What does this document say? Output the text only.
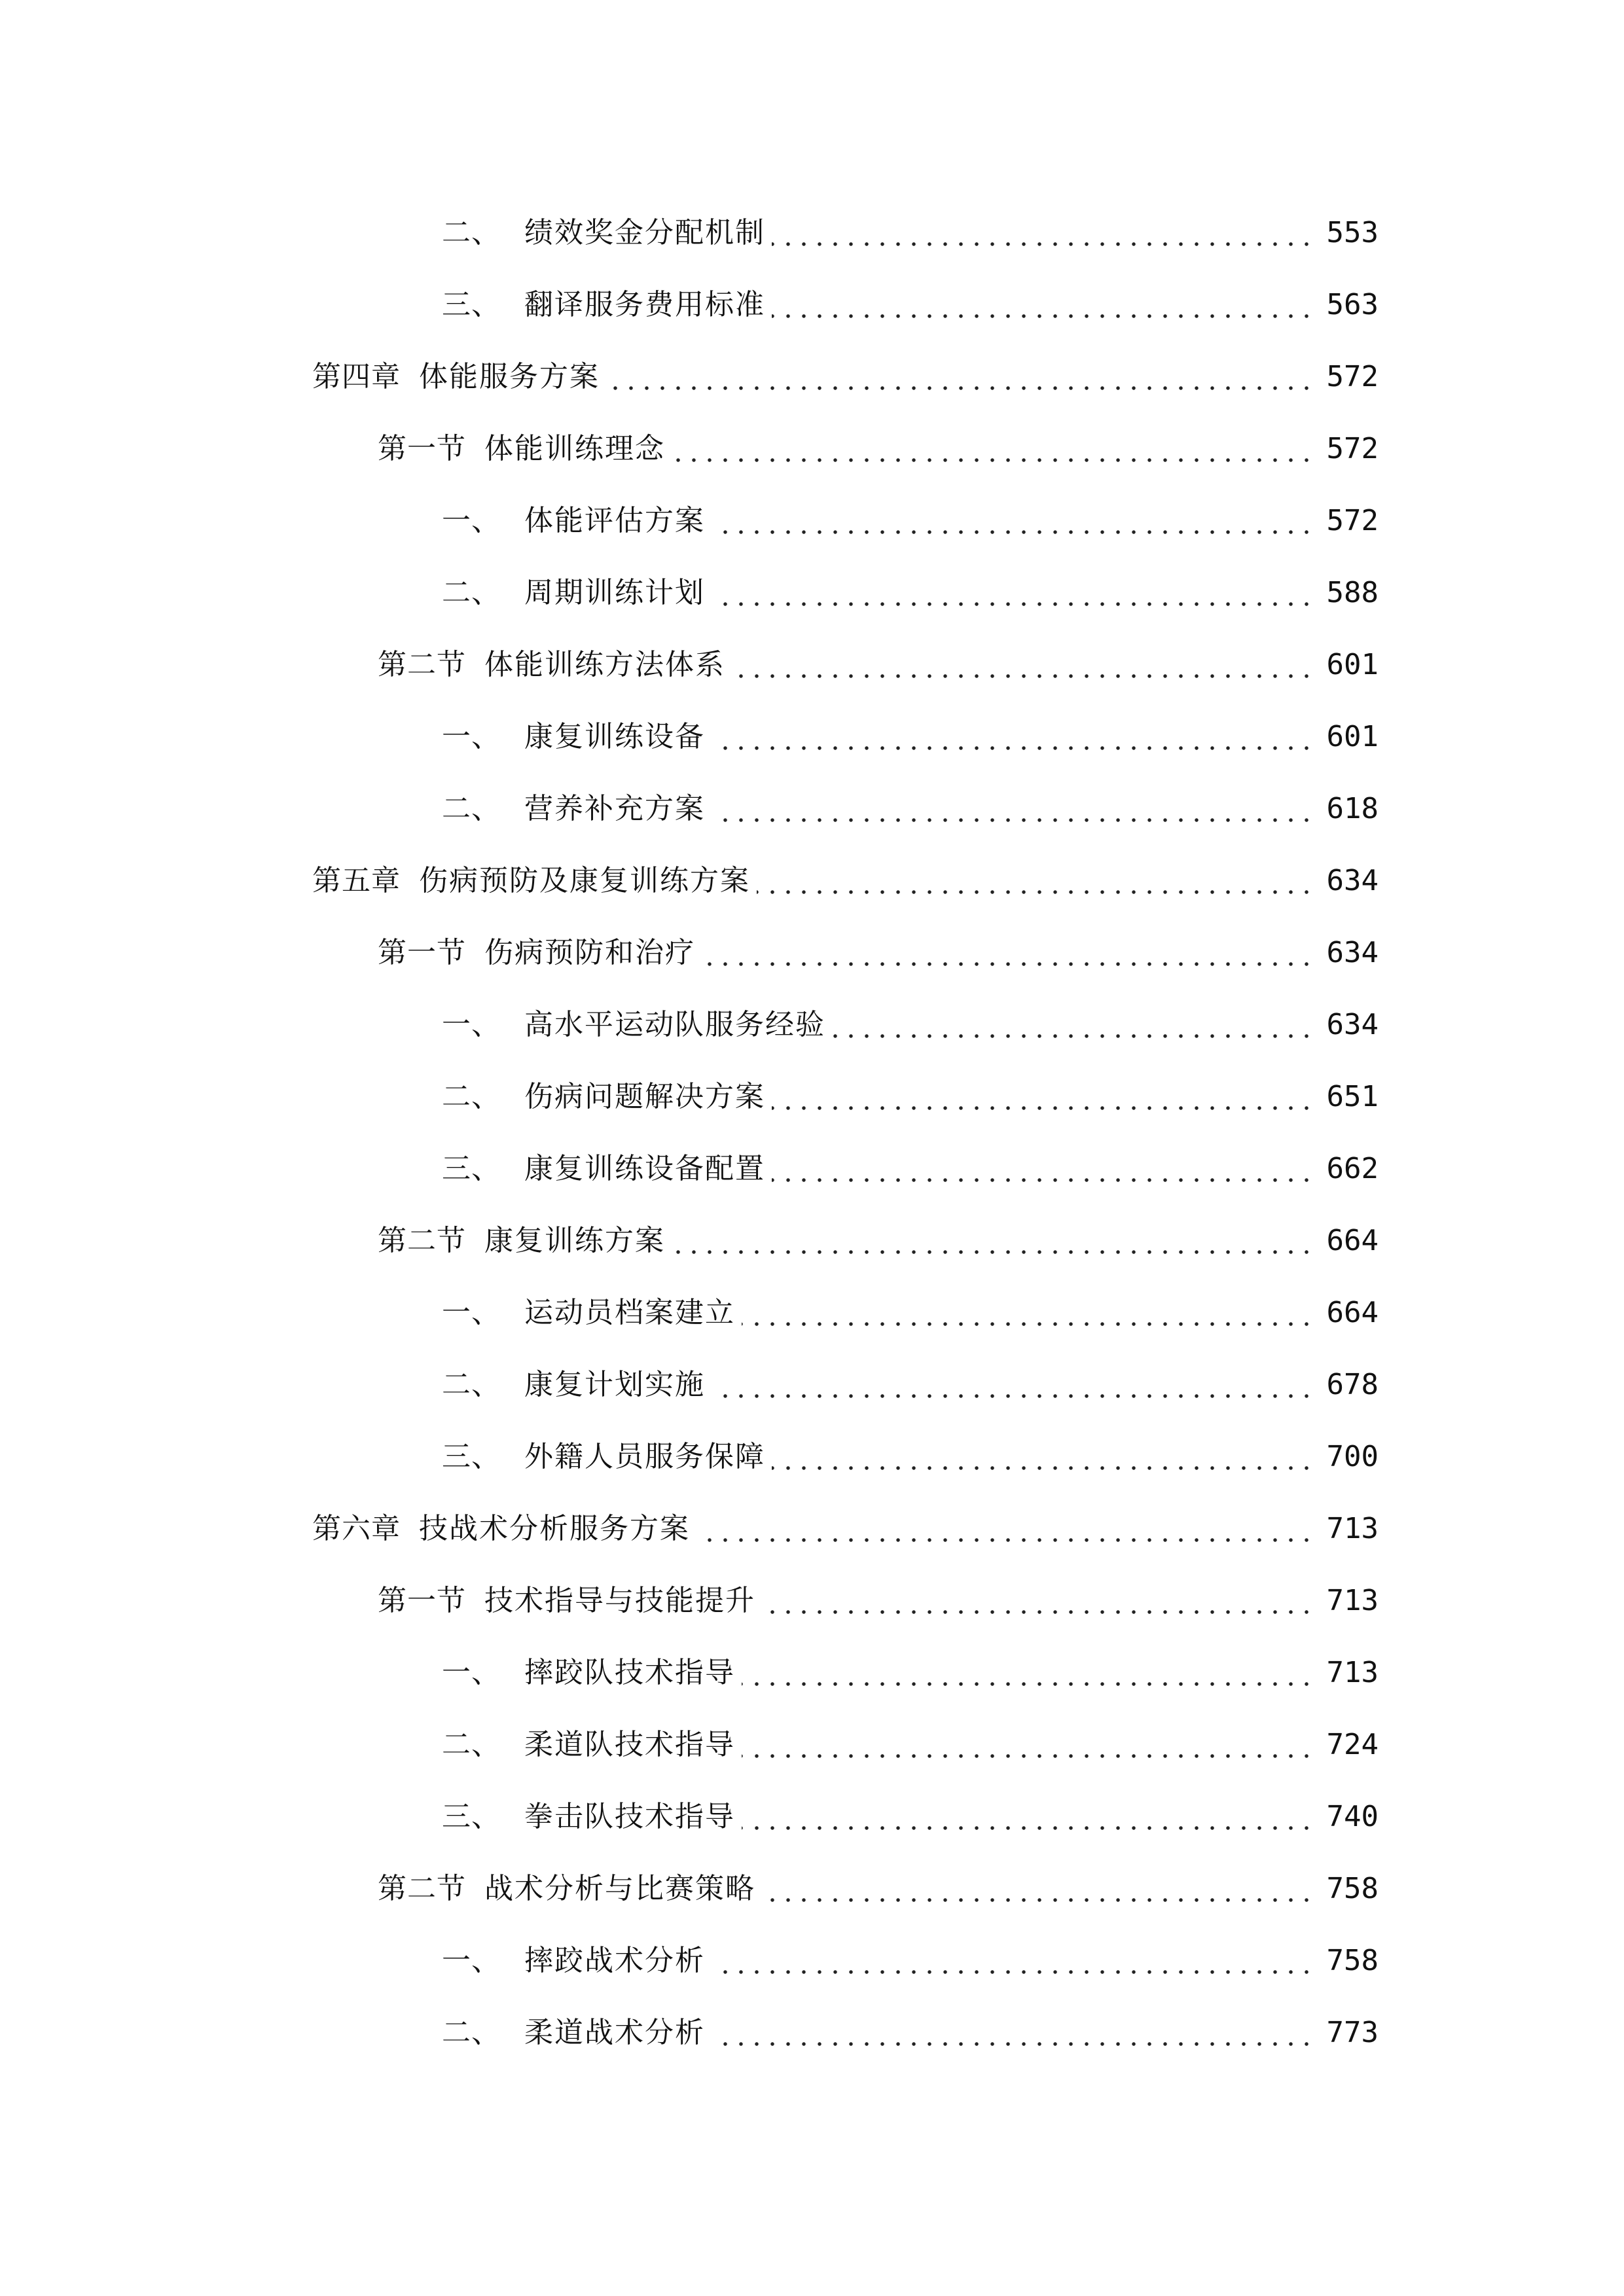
二、 绩效奖金分配机制	553
三、 翻译服务费用标准	563
第四章 体能服务方案	572
第一节 体能训练理念	572
一、 体能评估方案	572
二、 周期训练计划	588
第二节 体能训练方法体系	601
一、 康复训练设备	601
二、 营养补充方案	618
第五章 伤病预防及康复训练方案	634
第一节 伤病预防和治疗	634
一、 高水平运动队服务经验	634
二、 伤病问题解决方案	651
三、 康复训练设备配置	662
第二节 康复训练方案	664
一、 运动员档案建立	664
二、 康复计划实施	678
三、 外籍人员服务保障	700
第六章 技战术分析服务方案	713
第一节 技术指导与技能提升	713
一、 摔跤队技术指导	713
二、 柔道队技术指导	724
三、 拳击队技术指导	740
第二节 战术分析与比赛策略	758
一、 摔跤战术分析	758
二、 柔道战术分析	773
